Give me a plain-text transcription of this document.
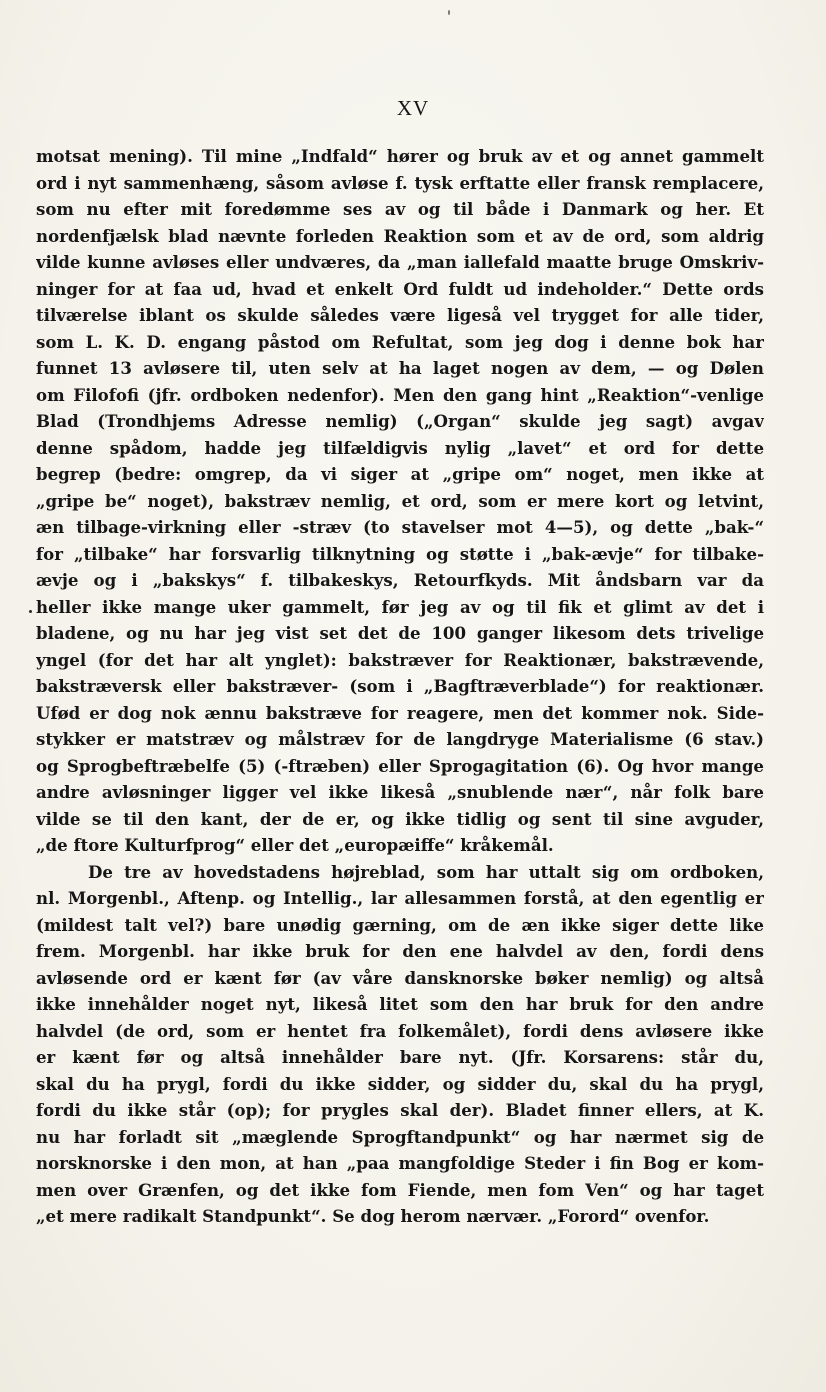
XV
motsat mening). Til mine „Indfald“ hører og bruk av et og annet gammelt
ord i nyt sammenhæng, såsom avløse f. tysk erftatte eller fransk remplacere,
som nu efter mit foredømme ses av og til både i Danmark og her. Et
nordenfjælsk blad nævnte forleden Reaktion som et av de ord, som aldrig
vilde kunne avløses eller undværes, da „man iallefald maatte bruge Omskriv-
ninger for at faa ud, hvad et enkelt Ord fuldt ud indeholder.“ Dette ords
tilværelse iblant os skulde således være ligeså vel trygget for alle tider,
som L. K. D. engang påstod om Refultat, som jeg dog i denne bok har
funnet 13 avløsere til, uten selv at ha laget nogen av dem, — og Dølen
om Filofofi (jfr. ordboken nedenfor). Men den gang hint „Reaktion“-venlige
Blad (Trondhjems Adresse nemlig) („Organ“ skulde jeg sagt) avgav
denne spådom, hadde jeg tilfældigvis nylig „lavet“ et ord for dette
begrep (bedre: omgrep, da vi siger at „gripe om“ noget, men ikke at
„gripe be“ noget), bakstræv nemlig, et ord, som er mere kort og letvint,
æn tilbage-virkning eller -stræv (to stavelser mot 4—5), og dette „bak-“
for „tilbake“ har forsvarlig tilknytning og støtte i „bak-ævje“ for tilbake-
ævje og i „bakskys“ f. tilbakeskys, Retourfkyds. Mit åndsbarn var da
heller ikke mange uker gammelt, før jeg av og til fik et glimt av det i
bladene, og nu har jeg vist set det de 100 ganger likesom dets trivelige
yngel (for det har alt ynglet): bakstræver for Reaktionær, bakstrævende,
bakstræversk eller bakstræver- (som i „Bagftræverblade“) for reaktionær.
Ufød er dog nok ænnu bakstræve for reagere, men det kommer nok. Side-
stykker er matstræv og målstræv for de langdryge Materialisme (6 stav.)
og Sprogbeftræbelfe (5) (-ftræben) eller Sprogagitation (6). Og hvor mange
andre avløsninger ligger vel ikke likeså „snublende nær“, når folk bare
vilde se til den kant, der de er, og ikke tidlig og sent til sine avguder,
„de ftore Kulturfprog“ eller det „europæiffe“ kråkemål.
De tre av hovedstadens højreblad, som har uttalt sig om ordboken,
nl. Morgenbl., Aftenp. og Intellig., lar allesammen forstå, at den egentlig er
(mildest talt vel?) bare unødig gærning, om de æn ikke siger dette like
frem. Morgenbl. har ikke bruk for den ene halvdel av den, fordi dens
avløsende ord er kænt før (av våre dansknorske bøker nemlig) og altså
ikke innehålder noget nyt, likeså litet som den har bruk for den andre
halvdel (de ord, som er hentet fra folkemålet), fordi dens avløsere ikke
er kænt før og altså innehålder bare nyt. (Jfr. Korsarens: står du,
skal du ha prygl, fordi du ikke sidder, og sidder du, skal du ha prygl,
fordi du ikke står (op); for prygles skal der). Bladet finner ellers, at K.
nu har forladt sit „mæglende Sprogftandpunkt“ og har nærmet sig de
norsknorske i den mon, at han „paa mangfoldige Steder i fin Bog er kom-
men over Grænfen, og det ikke fom Fiende, men fom Ven“ og har taget
„et mere radikalt Standpunkt“. Se dog herom nærvær. „Forord“ ovenfor.
